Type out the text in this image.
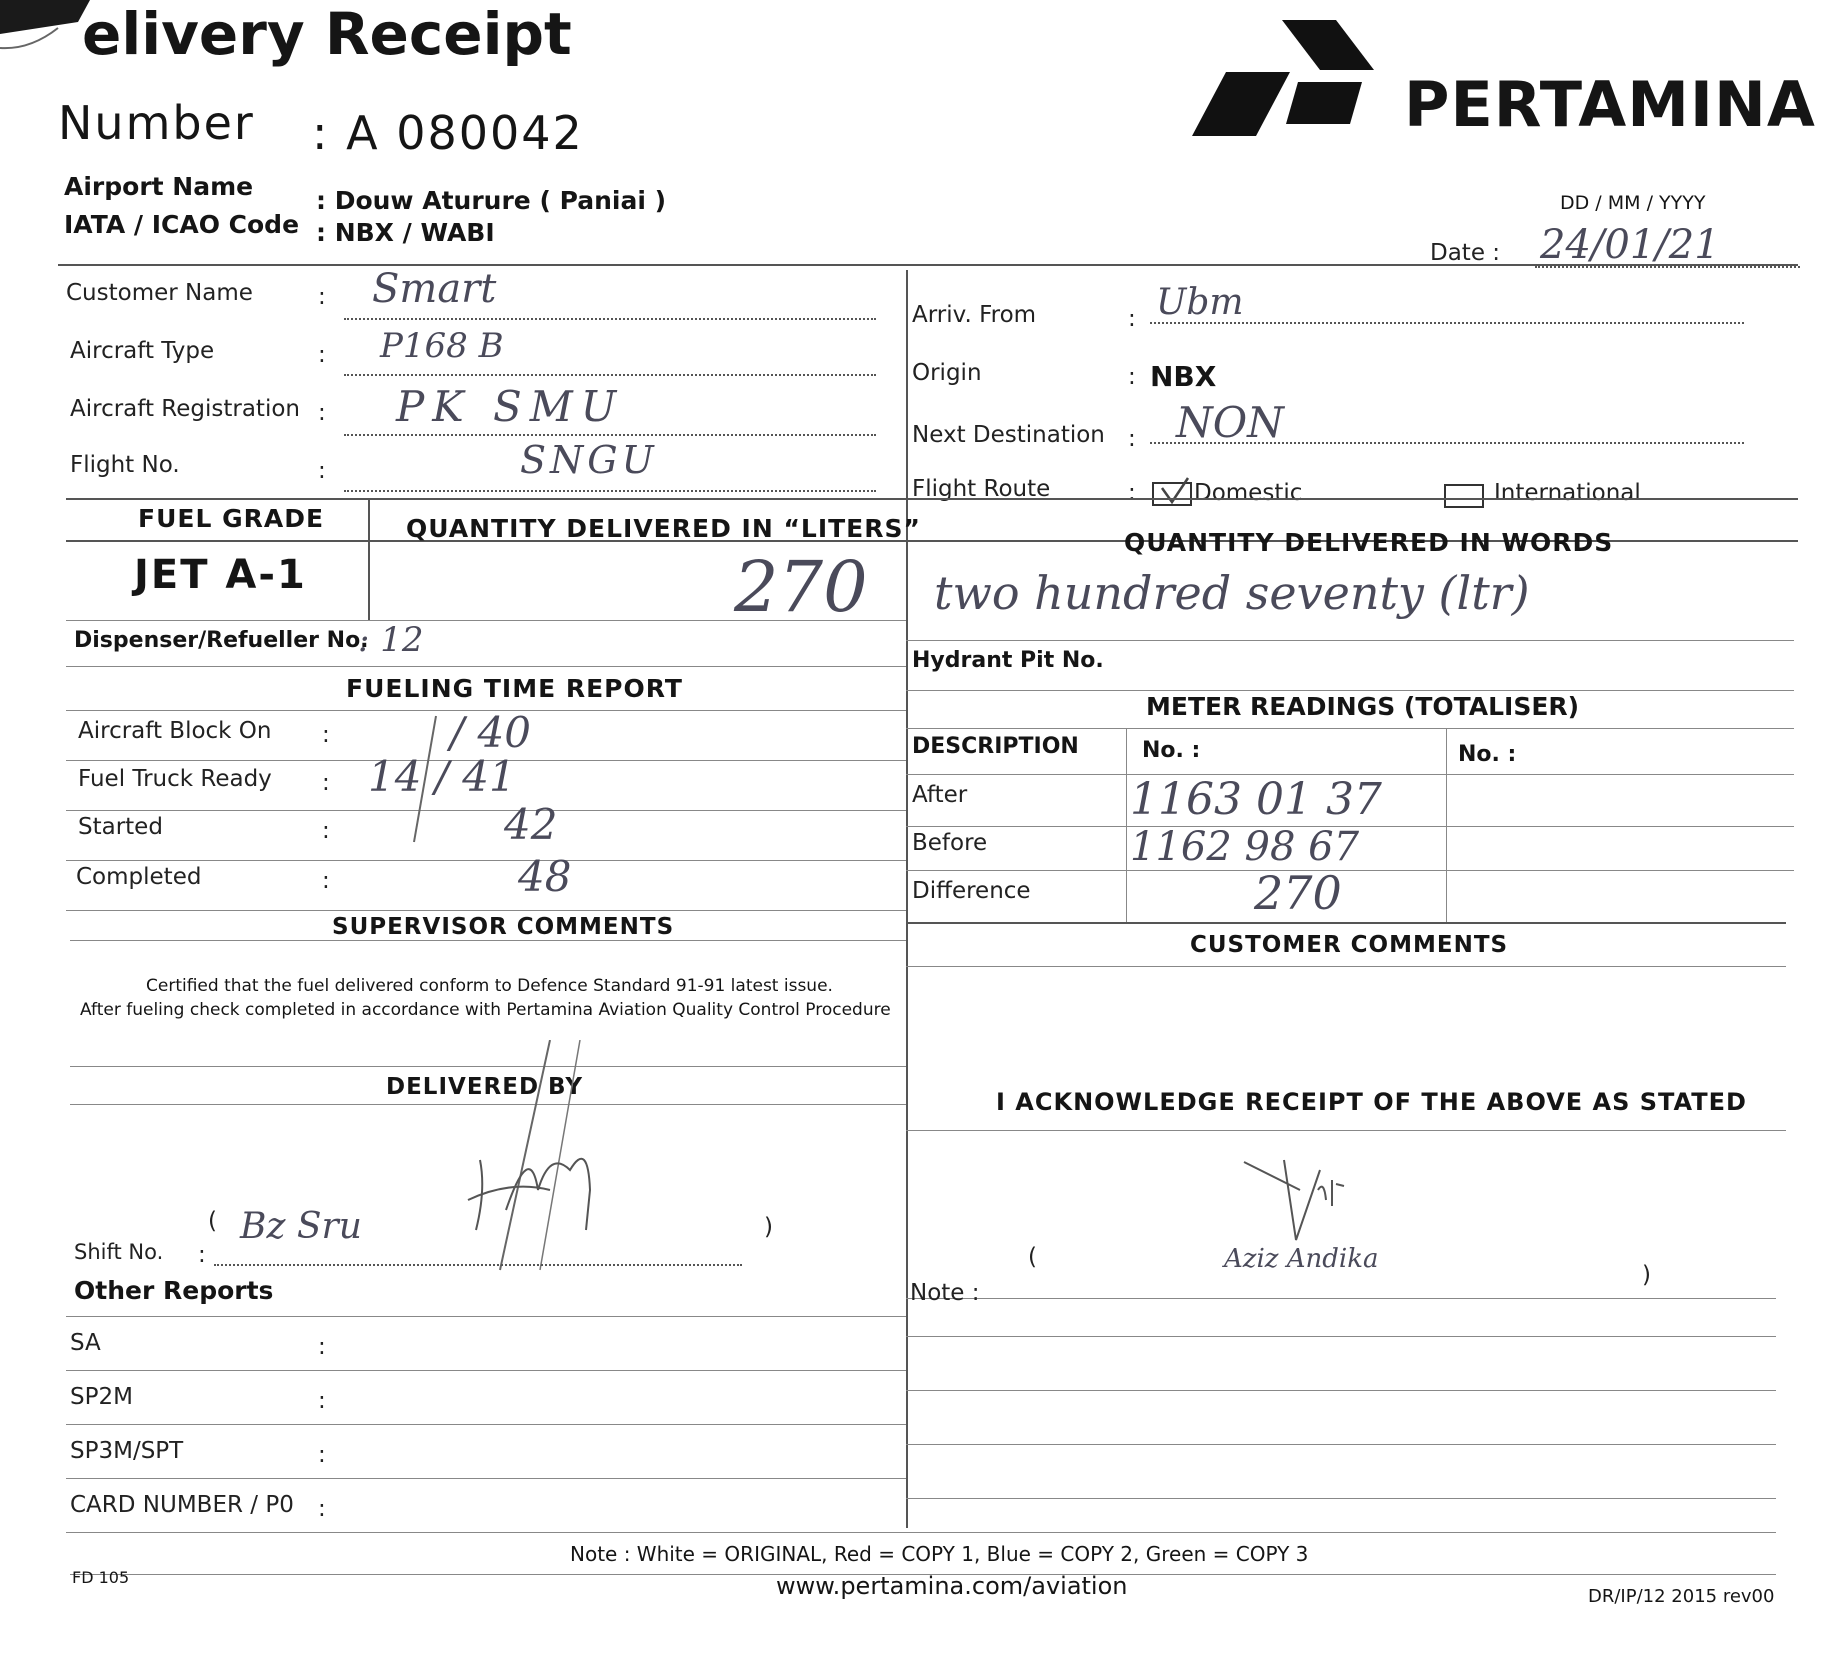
elivery Receipt
Number : A 080042	PERTAMINA
Airport Name	: Douw Aturure ( Paniai )
IATA / ICAO Code : NBX / WABI
DD / MM / YYYY
Date : 24/01/21
Customer Name	: Smart
Aircraft Type	: P168 B
Aircraft Registration : PK SMU
Flight No.	:	SNGU
Arriv. From	: Ubm
Origin	: NBX
Next Destination : NON
Flight Route	:	Domestic	International
FUEL GRADE	QUANTITY DELIVERED IN “LITERS”	QUANTITY DELIVERED IN WORDS
JET A-1	270 two hundred seventy (ltr)
Dispenser/Refueller No.
: 12
Hydrant Pit No.
FUELING TIME REPORT
Aircraft Block On :	/ 40
Fuel Truck Ready : 14 / 41
Started	:	42
Completed	:	48
METER READINGS (TOTALISER)
DESCRIPTION	No. :	No. :
After	1163 01 37
Before	1162 98 67
Difference	270
SUPERVISOR COMMENTS
CUSTOMER COMMENTS
Certified that the fuel delivered conform to Defence Standard 91-91 latest issue.
After fueling check completed in accordance with Pertamina Aviation Quality Control Procedure
DELIVERED BY
( Bz Sru	)
Shift No. :
I ACKNOWLEDGE RECEIPT OF THE ABOVE AS STATED
(	Aziz Andika
)
Note :
Other Reports
SA	:
SP2M	:
SP3M/SPT	:
CARD NUMBER / P0 :
Note : White = ORIGINAL, Red = COPY 1, Blue = COPY 2, Green = COPY 3
FD 105	www.pertamina.com/aviation	DR/IP/12 2015 rev00
